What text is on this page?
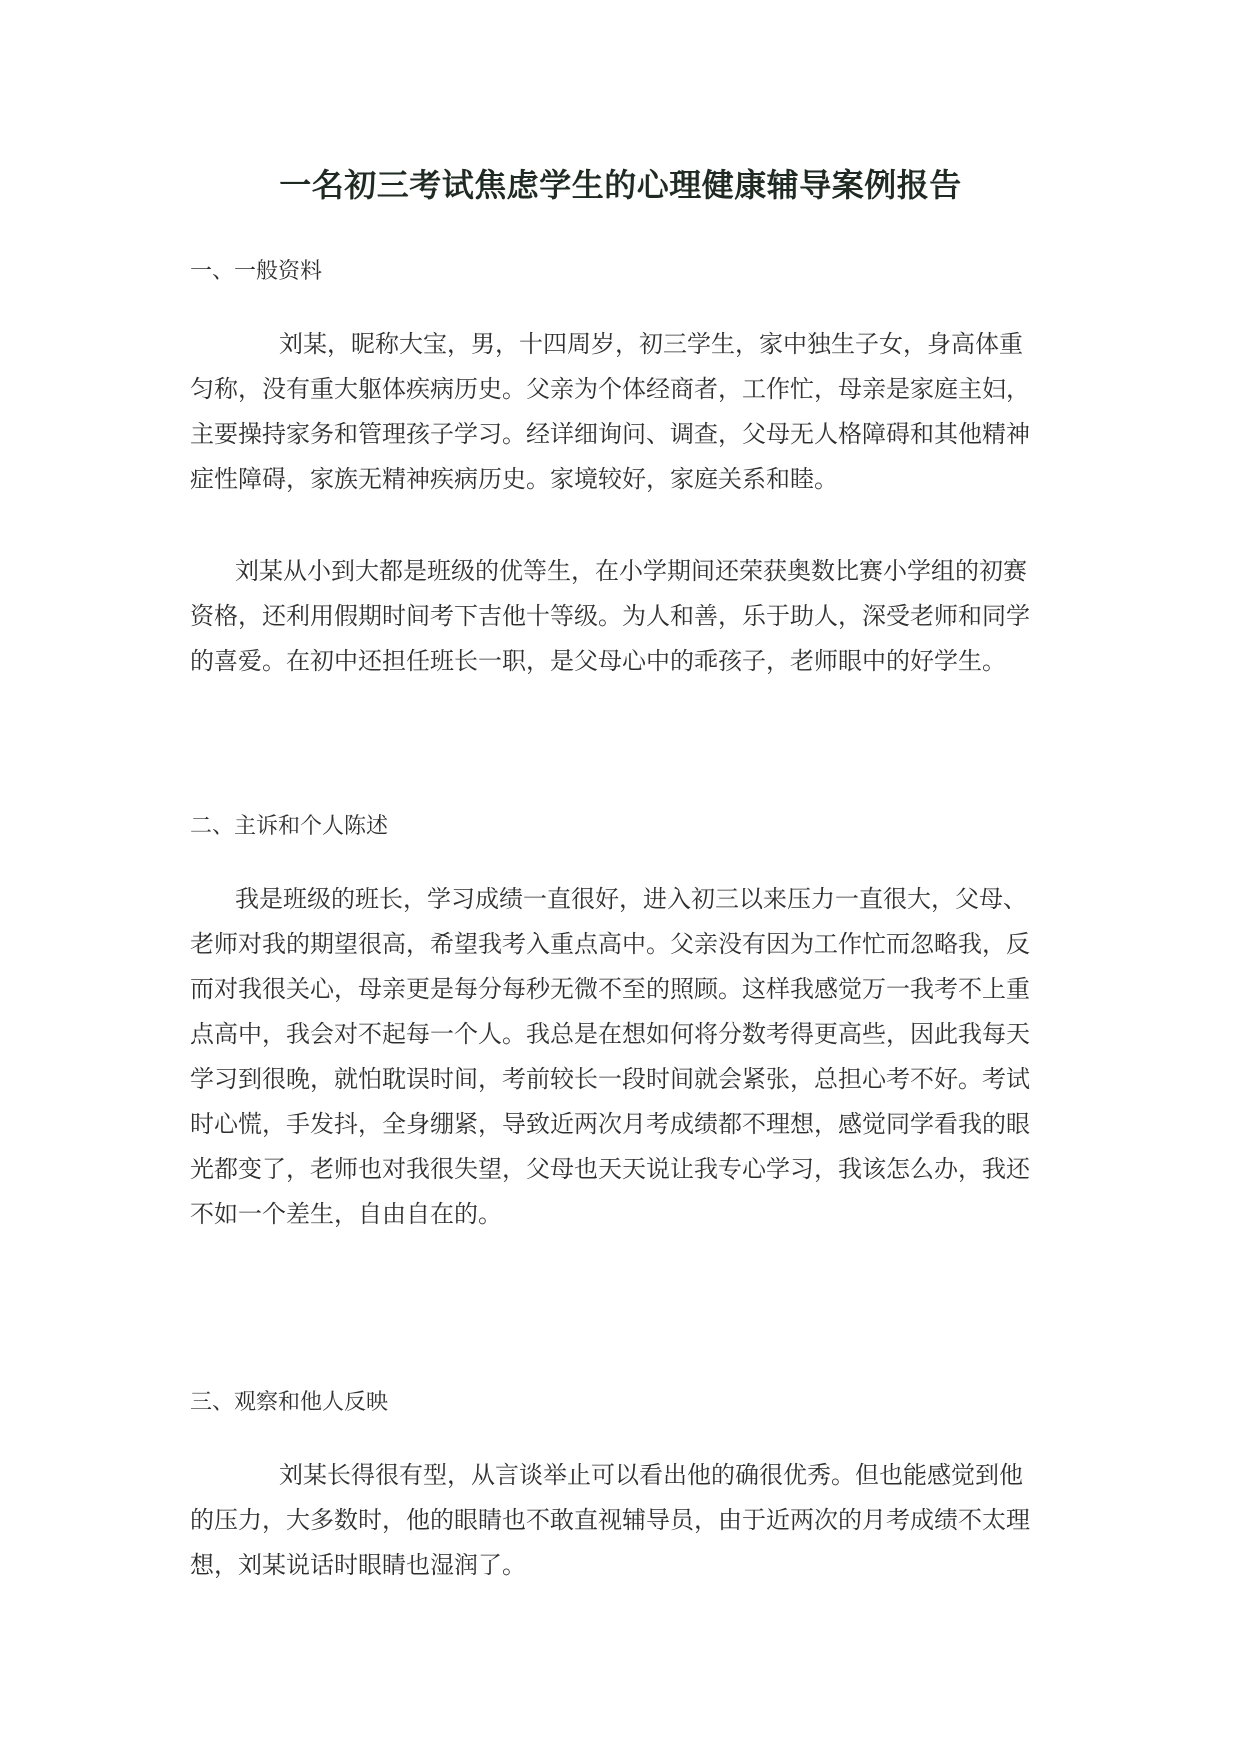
一名初三考试焦虑学生的心理健康辅导案例报告
一、一般资料
刘某，昵称大宝，男，十四周岁，初三学生，家中独生子女，身高体重
匀称，没有重大躯体疾病历史。父亲为个体经商者，工作忙，母亲是家庭主妇，
主要操持家务和管理孩子学习。经详细询问、调查，父母无人格障碍和其他精神
症性障碍，家族无精神疾病历史。家境较好，家庭关系和睦。
刘某从小到大都是班级的优等生，在小学期间还荣获奥数比赛小学组的初赛
资格，还利用假期时间考下吉他十等级。为人和善，乐于助人，深受老师和同学
的喜爱。在初中还担任班长一职，是父母心中的乖孩子，老师眼中的好学生。
二、主诉和个人陈述
我是班级的班长，学习成绩一直很好，进入初三以来压力一直很大，父母、
老师对我的期望很高，希望我考入重点高中。父亲没有因为工作忙而忽略我，反
而对我很关心，母亲更是每分每秒无微不至的照顾。这样我感觉万一我考不上重
点高中，我会对不起每一个人。我总是在想如何将分数考得更高些，因此我每天
学习到很晚，就怕耽误时间，考前较长一段时间就会紧张，总担心考不好。考试
时心慌，手发抖，全身绷紧，导致近两次月考成绩都不理想，感觉同学看我的眼
光都变了，老师也对我很失望，父母也天天说让我专心学习，我该怎么办，我还
不如一个差生，自由自在的。
三、观察和他人反映
刘某长得很有型，从言谈举止可以看出他的确很优秀。但也能感觉到他
的压力，大多数时，他的眼睛也不敢直视辅导员，由于近两次的月考成绩不太理
想，刘某说话时眼睛也湿润了。
